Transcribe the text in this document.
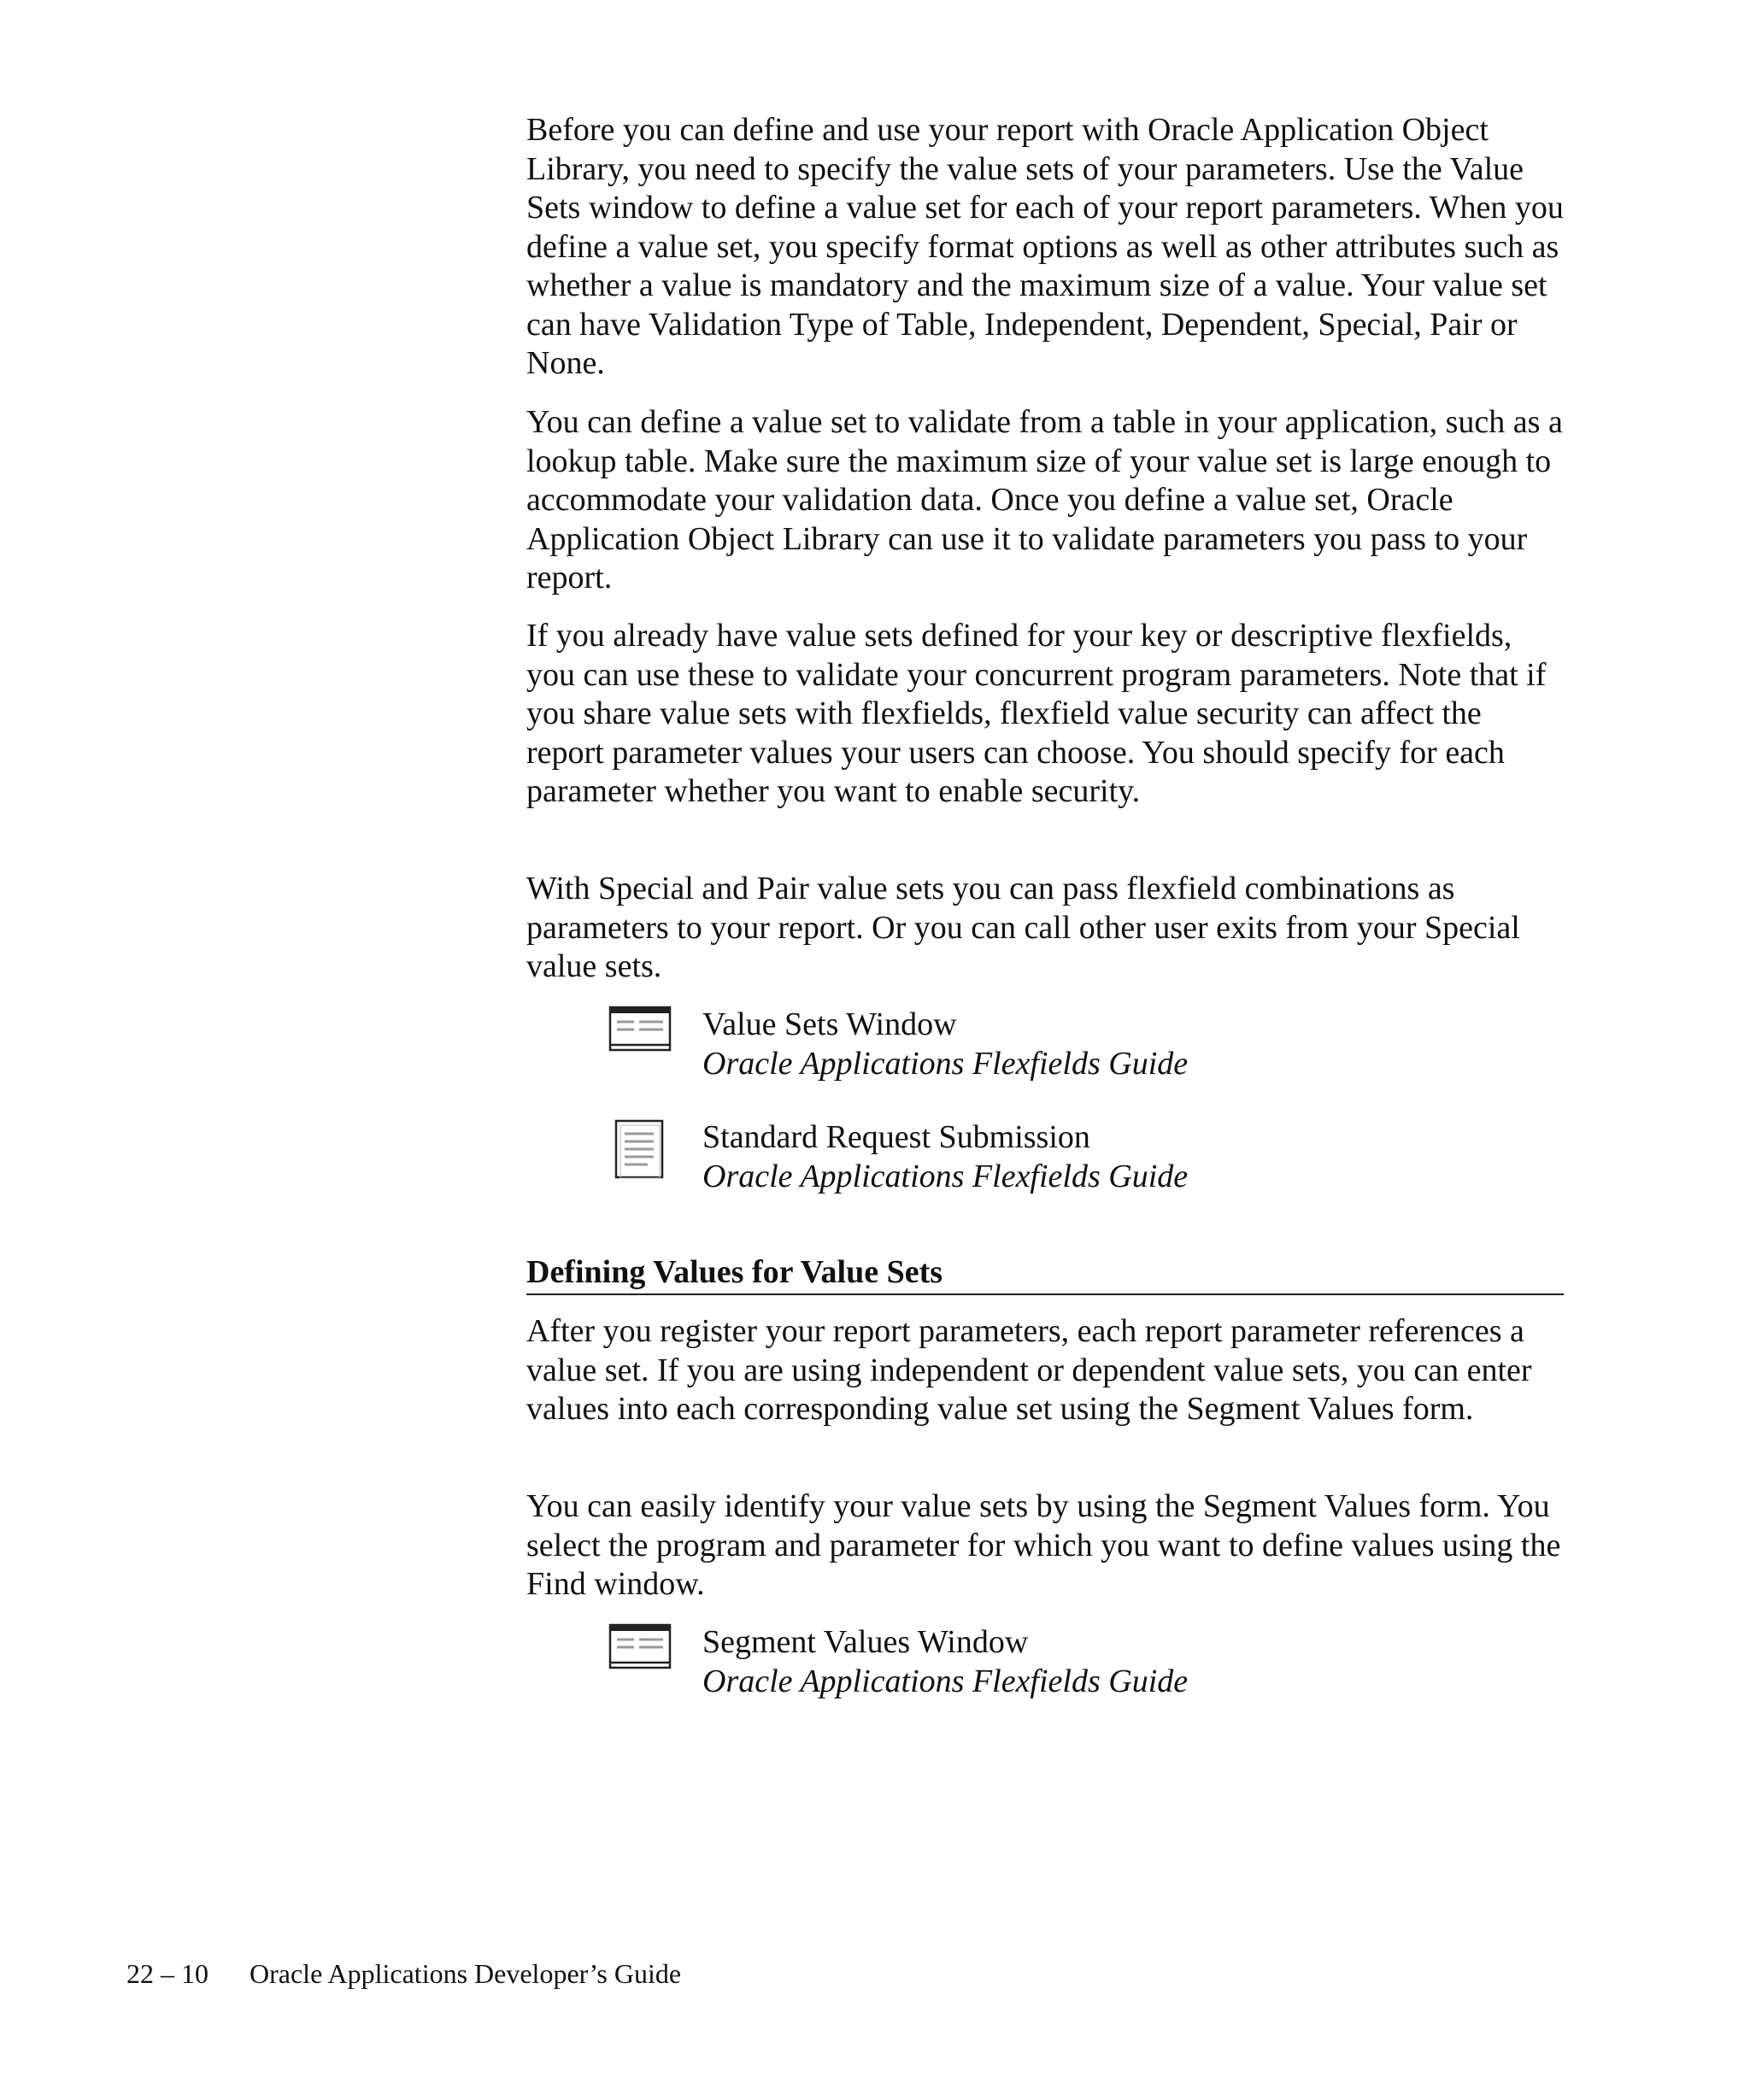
Before you can define and use your report with Oracle Application Object Library, you need to specify the value sets of your parameters. Use the Value Sets window to define a value set for each of your report parameters. When you define a value set, you specify format options as well as other attributes such as whether a value is mandatory and the maximum size of a value. Your value set can have Validation Type of Table, Independent, Dependent, Special, Pair or None.

You can define a value set to validate from a table in your application, such as a lookup table. Make sure the maximum size of your value set is large enough to accommodate your validation data. Once you define a value set, Oracle Application Object Library can use it to validate parameters you pass to your report.

If you already have value sets defined for your key or descriptive flexfields, you can use these to validate your concurrent program parameters. Note that if you share value sets with flexfields, flexfield value security can affect the report parameter values your users can choose. You should specify for each parameter whether you want to enable security.

With Special and Pair value sets you can pass flexfield combinations as parameters to your report. Or you can call other user exits from your Special value sets.

Value Sets Window
Oracle Applications Flexfields Guide
Standard Request Submission
Oracle Applications Flexfields Guide
Defining Values for Value Sets

After you register your report parameters, each report parameter references a value set. If you are using independent or dependent value sets, you can enter values into each corresponding value set using the Segment Values form.

You can easily identify your value sets by using the Segment Values form. You select the program and parameter for which you want to define values using the Find window.

Segment Values Window
Oracle Applications Flexfields Guide
22 – 10 Oracle Applications Developer’s Guide
